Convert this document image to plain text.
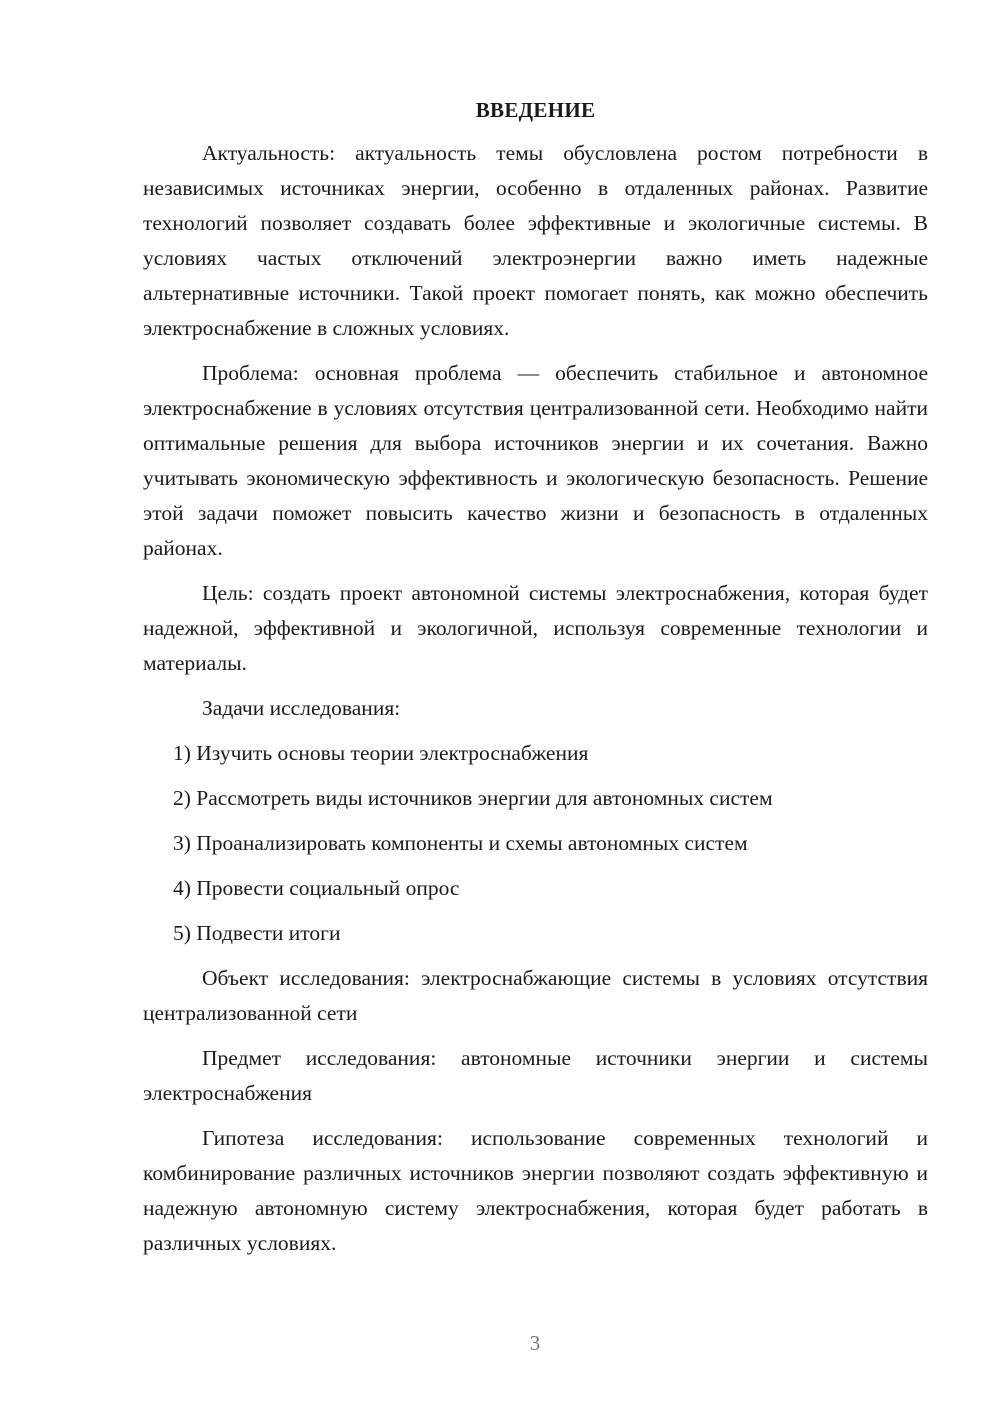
ВВЕДЕНИЕ

Актуальность: актуальность темы обусловлена ростом потребности в независимых источниках энергии, особенно в отдаленных районах. Развитие технологий позволяет создавать более эффективные и экологичные системы. В условиях частых отключений электроэнергии важно иметь надежные альтернативные источники. Такой проект помогает понять, как можно обеспечить электроснабжение в сложных условиях.

Проблема: основная проблема — обеспечить стабильное и автономное электроснабжение в условиях отсутствия централизованной сети. Необходимо найти оптимальные решения для выбора источников энергии и их сочетания. Важно учитывать экономическую эффективность и экологическую безопасность. Решение этой задачи поможет повысить качество жизни и безопасность в отдаленных районах.

Цель: создать проект автономной системы электроснабжения, которая будет надежной, эффективной и экологичной, используя современные технологии и материалы.

Задачи исследования:

1) Изучить основы теории электроснабжения
2) Рассмотреть виды источников энергии для автономных систем
3) Проанализировать компоненты и схемы автономных систем
4) Провести социальный опрос
5) Подвести итоги

Объект исследования: электроснабжающие системы в условиях отсутствия централизованной сети

Предмет исследования: автономные источники энергии и системы электроснабжения

Гипотеза исследования: использование современных технологий и комбинирование различных источников энергии позволяют создать эффективную и надежную автономную систему электроснабжения, которая будет работать в различных условиях.

3
